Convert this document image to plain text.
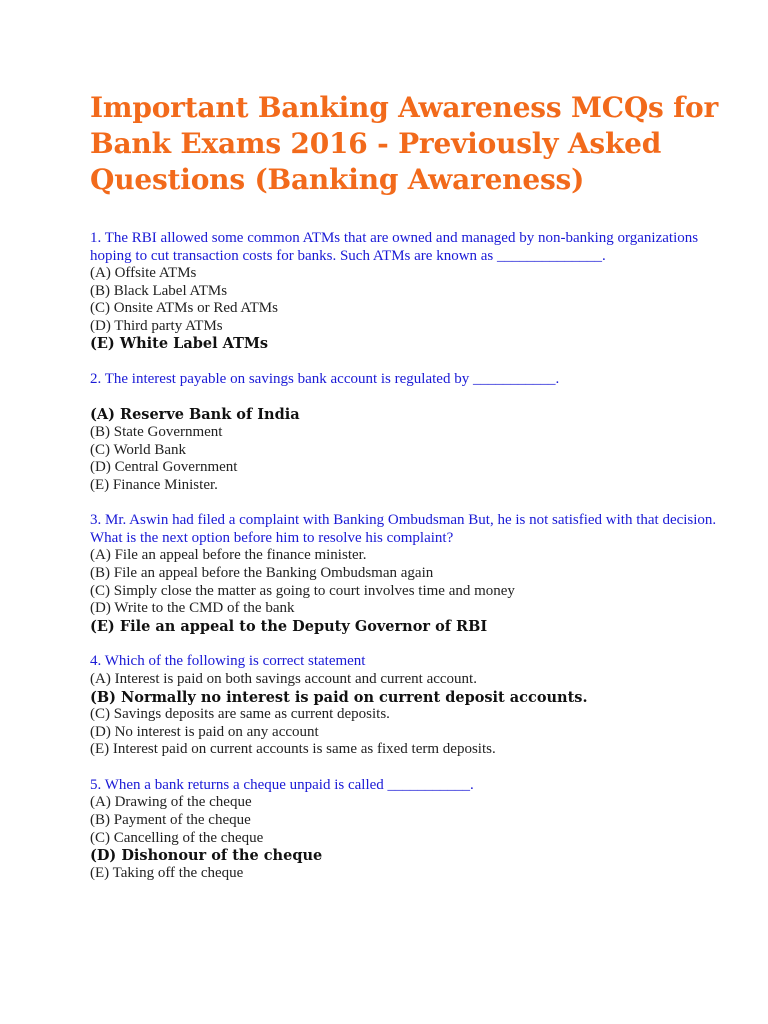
Important Banking Awareness MCQs for Bank Exams 2016 - Previously Asked Questions (Banking Awareness)
1. The RBI allowed some common ATMs that are owned and managed by non-banking organizations hoping to cut transaction costs for banks. Such ATMs are known as ______________.
(A) Offsite ATMs
(B) Black Label ATMs
(C) Onsite ATMs or Red ATMs
(D) Third party ATMs
(E) White Label ATMs
2. The interest payable on savings bank account is regulated by ___________.
(A) Reserve Bank of India
(B) State Government
(C) World Bank
(D) Central Government
(E) Finance Minister.
3. Mr. Aswin had filed a complaint with Banking Ombudsman But, he is not satisfied with that decision. What is the next option before him to resolve his complaint?
(A) File an appeal before the finance minister.
(B) File an appeal before the Banking Ombudsman again
(C) Simply close the matter as going to court involves time and money
(D) Write to the CMD of the bank
(E) File an appeal to the Deputy Governor of RBI
4. Which of the following is correct statement
(A) Interest is paid on both savings account and current account.
(B) Normally no interest is paid on current deposit accounts.
(C) Savings deposits are same as current deposits.
(D) No interest is paid on any account
(E) Interest paid on current accounts is same as fixed term deposits.
5. When a bank returns a cheque unpaid is called ___________.
(A) Drawing of the cheque
(B) Payment of the cheque
(C) Cancelling of the cheque
(D) Dishonour of the cheque
(E) Taking off the cheque
